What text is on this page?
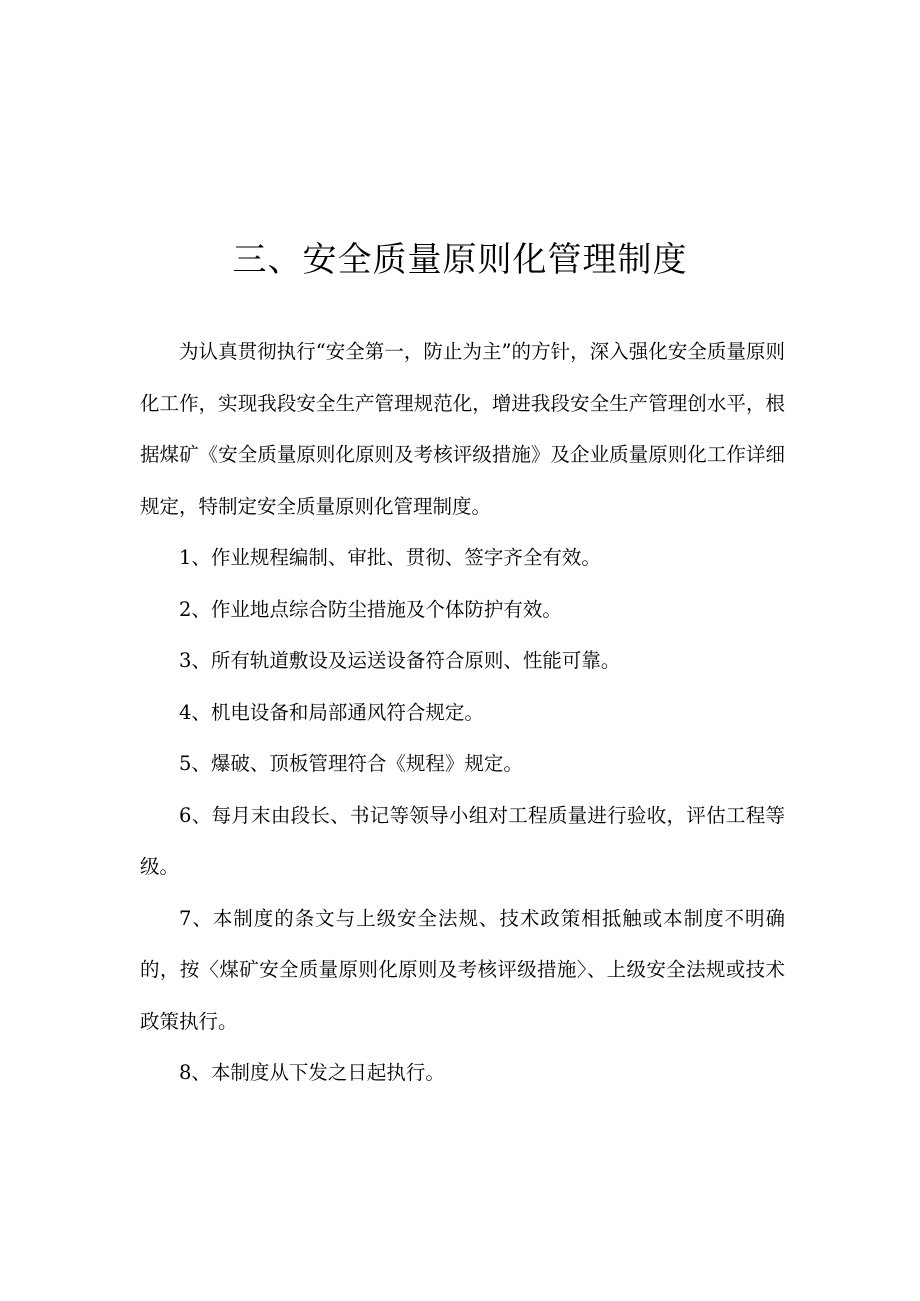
三、安全质量原则化管理制度

为认真贯彻执行“安全第一，防止为主”的方针，深入强化安全质量原则化工作，实现我段安全生产管理规范化，增进我段安全生产管理创水平，根据煤矿《安全质量原则化原则及考核评级措施》及企业质量原则化工作详细规定，特制定安全质量原则化管理制度。

1、作业规程编制、审批、贯彻、签字齐全有效。

2、作业地点综合防尘措施及个体防护有效。

3、所有轨道敷设及运送设备符合原则、性能可靠。

4、机电设备和局部通风符合规定。

5、爆破、顶板管理符合《规程》规定。

6、每月末由段长、书记等领导小组对工程质量进行验收，评估工程等级。

7、本制度的条文与上级安全法规、技术政策相抵触或本制度不明确的，按〈煤矿安全质量原则化原则及考核评级措施〉、上级安全法规或技术政策执行。

8、本制度从下发之日起执行。
